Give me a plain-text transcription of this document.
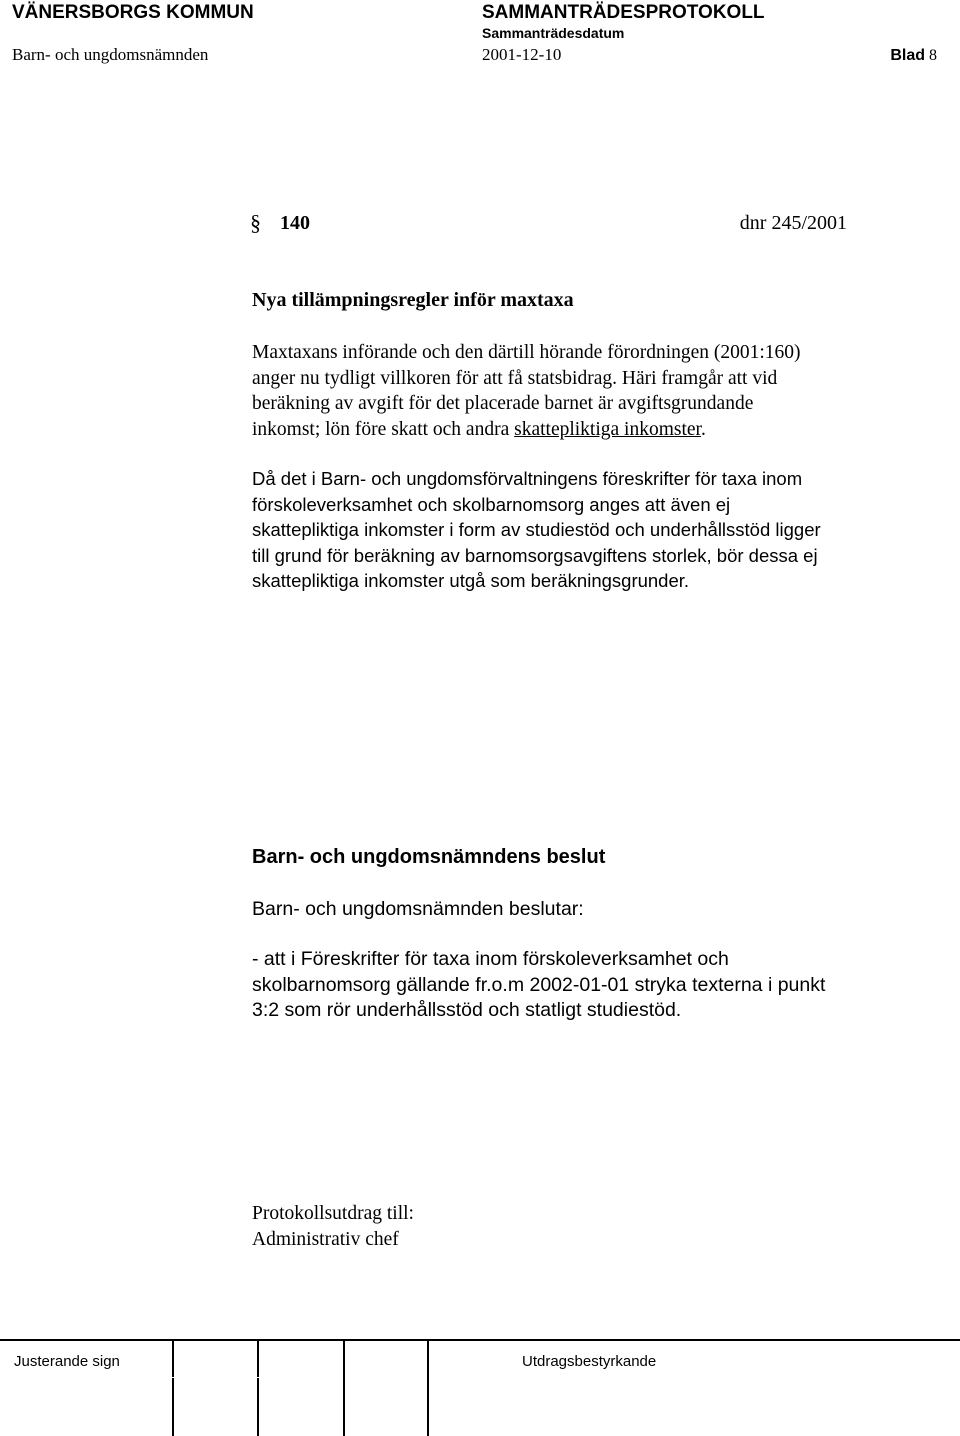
VÄNERSBORGS KOMMUN	SAMMANTRÄDESPROTOKOLL
Sammanträdesdatum
Barn- och ungdomsnämnden	2001-12-10	Blad 8
§ 140	dnr 245/2001
Nya tillämpningsregler inför maxtaxa
Maxtaxans införande och den därtill hörande förordningen (2001:160)
anger nu tydligt villkoren för att få statsbidrag. Häri framgår att vid
beräkning av avgift för det placerade barnet är avgiftsgrundande
inkomst; lön före skatt och andra skattepliktiga inkomster.
Då det i Barn- och ungdomsförvaltningens föreskrifter för taxa inom
förskoleverksamhet och skolbarnomsorg anges att även ej
skattepliktiga inkomster i form av studiestöd och underhållsstöd ligger
till grund för beräkning av barnomsorgsavgiftens storlek, bör dessa ej
skattepliktiga inkomster utgå som beräkningsgrunder.
Barn- och ungdomsnämndens beslut
Barn- och ungdomsnämnden beslutar:
- att i Föreskrifter för taxa inom förskoleverksamhet och
skolbarnomsorg gällande fr.o.m 2002-01-01 stryka texterna i punkt
3:2 som rör underhållsstöd och statligt studiestöd.
Protokollsutdrag till:
Administrativ chef
Justerande sign	Utdragsbestyrkande
